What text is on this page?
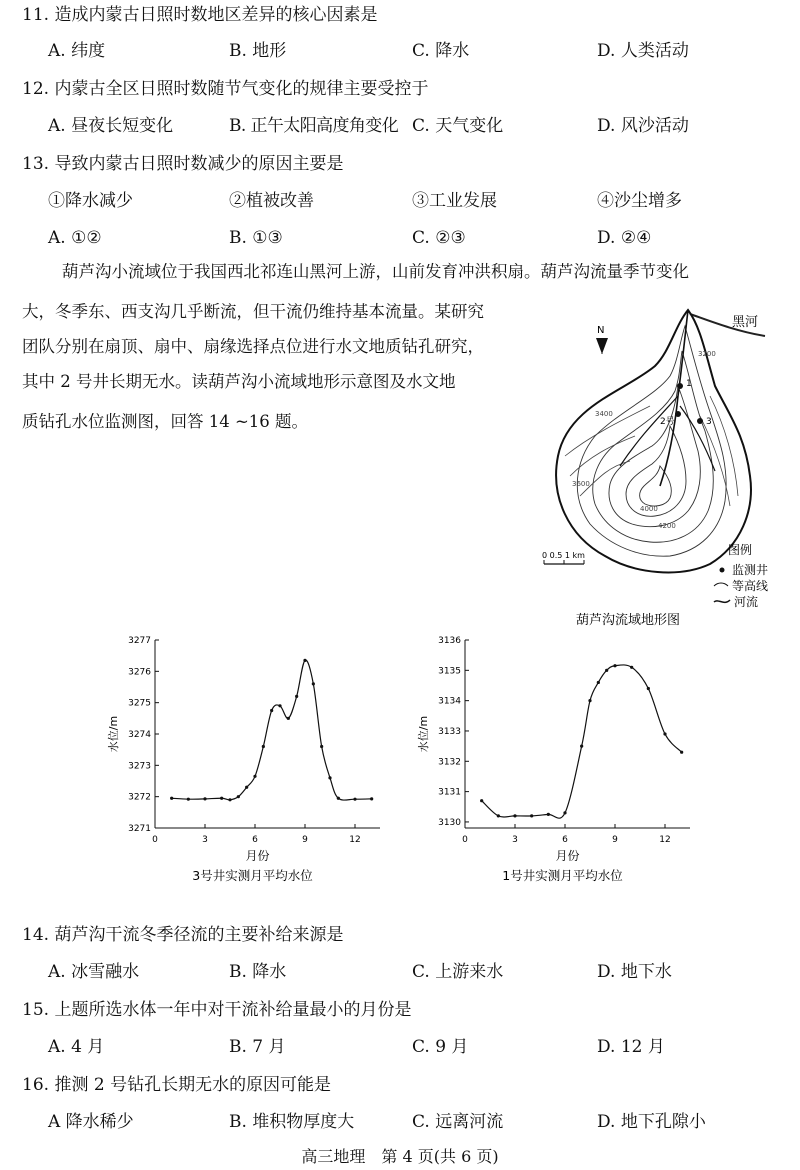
11. 造成内蒙古日照时数地区差异的核心因素是
A. 纬度	B. 地形	C. 降水	D. 人类活动
12. 内蒙古全区日照时数随节气变化的规律主要受控于
A. 昼夜长短变化	B. 正午太阳高度角变化 C. 天气变化	D. 风沙活动
13. 导致内蒙古日照时数减少的原因主要是
①降水减少	②植被改善	③工业发展	④沙尘增多
A. ①②	B. ①③	C. ②③	D. ②④
葫芦沟小流域位于我国西北祁连山黑河上游，山前发育冲洪积扇。葫芦沟流量季节变化
大，冬季东、西支沟几乎断流，但干流仍维持基本流量。某研究
团队分别在扇顶、扇中、扇缘选择点位进行水文地质钻孔研究，
其中 2 号井长期无水。读葫芦沟小流域地形示意图及水文地
质钻孔水位监测图，回答 14 ~16 题。
黑河
N
1
2号	3
3200
3400
3600
4000
4200
0 0.5 1 km	图例
监测井
等高线
河流
葫芦沟流域地形图
0	3	6	9	12
3271
3272
3273
3274
3275
3276
3277
水位/m
月份
3号井实测月平均水位
0	3	6	9	12
3130
3131
3132
3133
3134
3135
3136
水位/m
月份
1号井实测月平均水位
14. 葫芦沟干流冬季径流的主要补给来源是
A. 冰雪融水	B. 降水	C. 上游来水	D. 地下水
15. 上题所选水体一年中对干流补给量最小的月份是
A. 4 月	B. 7 月	C. 9 月	D. 12 月
16. 推测 2 号钻孔长期无水的原因可能是
A 降水稀少	B. 堆积物厚度大	C. 远离河流	D. 地下孔隙小
高三地理　第 4 页(共 6 页)
